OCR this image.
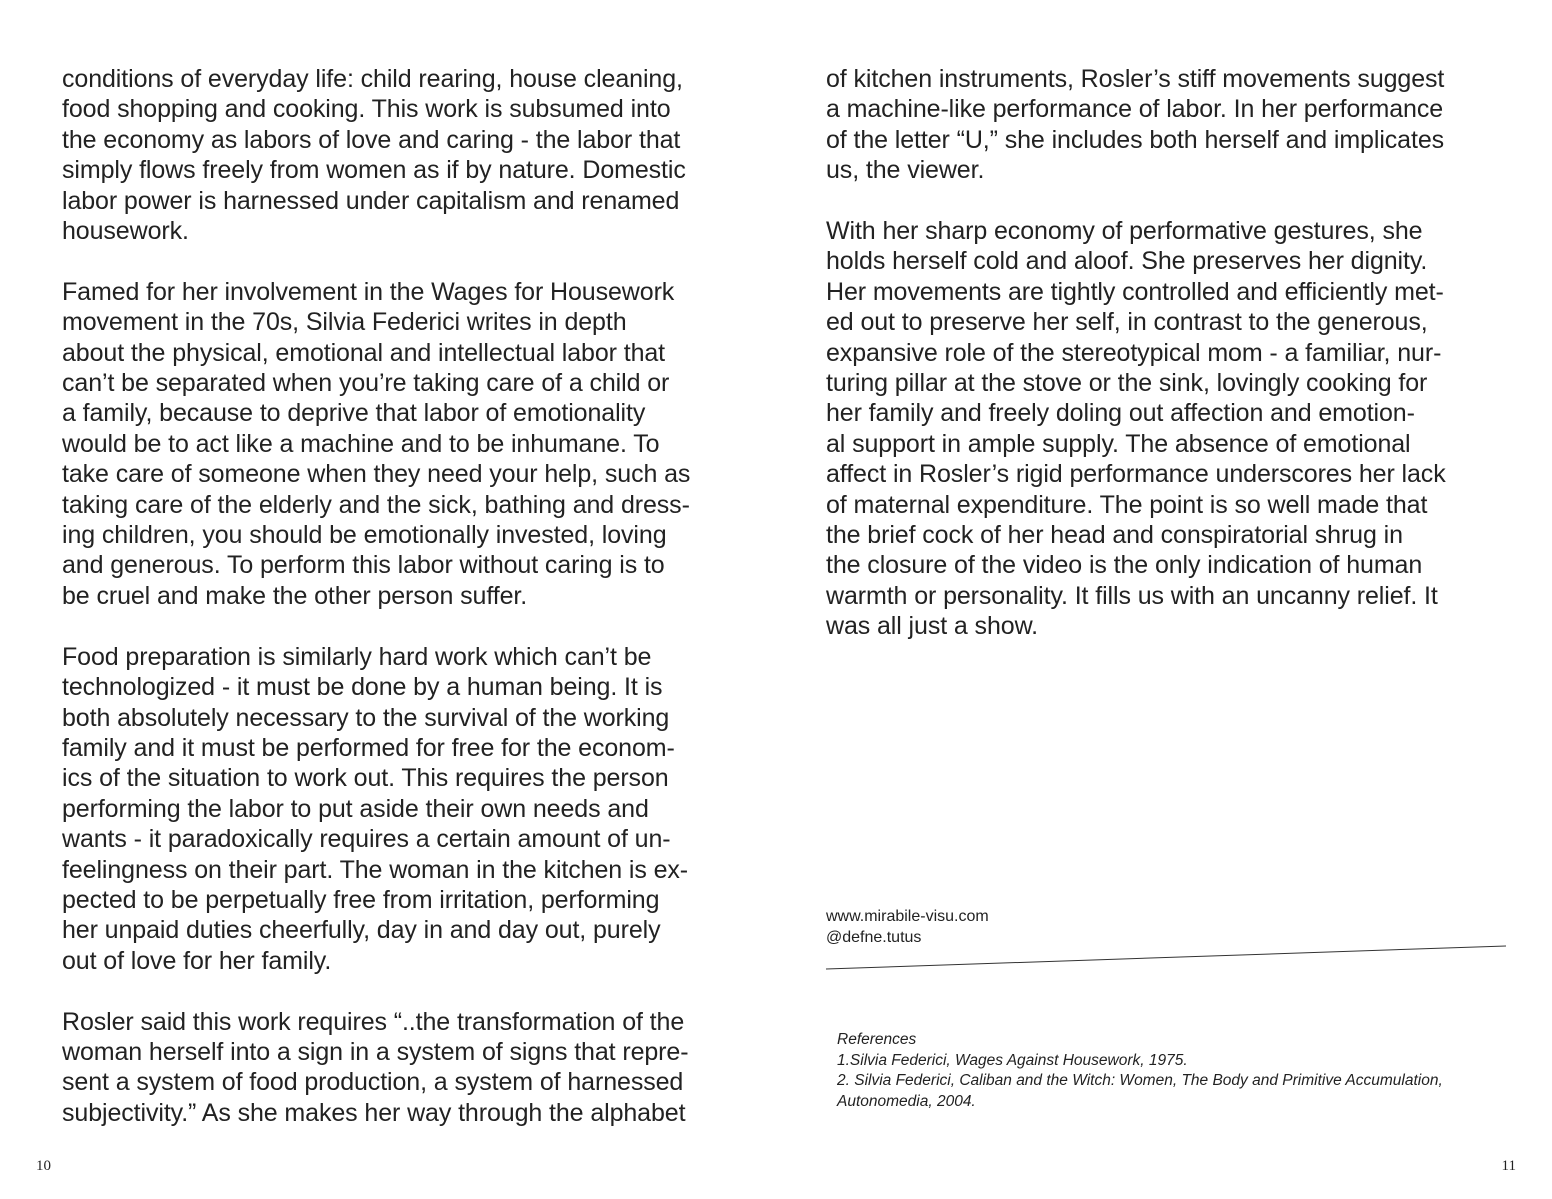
conditions of everyday life: child rearing, house cleaning,
food shopping and cooking. This work is subsumed into
the economy as labors of love and caring - the labor that
simply flows freely from women as if by nature. Domestic
labor power is harnessed under capitalism and renamed
housework.

Famed for her involvement in the Wages for Housework
movement in the 70s, Silvia Federici writes in depth
about the physical, emotional and intellectual labor that
can’t be separated when you’re taking care of a child or
a family, because to deprive that labor of emotionality
would be to act like a machine and to be inhumane. To
take care of someone when they need your help, such as
taking care of the elderly and the sick, bathing and dress-
ing children, you should be emotionally invested, loving
and generous. To perform this labor without caring is to
be cruel and make the other person suffer.

Food preparation is similarly hard work which can’t be
technologized - it must be done by a human being. It is
both absolutely necessary to the survival of the working
family and it must be performed for free for the econom-
ics of the situation to work out. This requires the person
performing the labor to put aside their own needs and
wants - it paradoxically requires a certain amount of un-
feelingness on their part. The woman in the kitchen is ex-
pected to be perpetually free from irritation, performing
her unpaid duties cheerfully, day in and day out, purely
out of love for her family.

Rosler said this work requires “..the transformation of the
woman herself into a sign in a system of signs that repre-
sent a system of food production, a system of harnessed
subjectivity.” As she makes her way through the alphabet

10

of kitchen instruments, Rosler’s stiff movements suggest
a machine-like performance of labor. In her performance
of the letter “U,” she includes both herself and implicates
us, the viewer.

With her sharp economy of performative gestures, she
holds herself cold and aloof. She preserves her dignity.
Her movements are tightly controlled and efficiently met-
ed out to preserve her self, in contrast to the generous,
expansive role of the stereotypical mom - a familiar, nur-
turing pillar at the stove or the sink, lovingly cooking for
her family and freely doling out affection and emotion-
al support in ample supply. The absence of emotional
affect in Rosler’s rigid performance underscores her lack
of maternal expenditure. The point is so well made that
the brief cock of her head and conspiratorial shrug in
the closure of the video is the only indication of human
warmth or personality. It fills us with an uncanny relief. It
was all just a show.

www.mirabile-visu.com
@defne.tutus
References
1.Silvia Federici, Wages Against Housework, 1975.
2. Silvia Federici, Caliban and the Witch: Women, The Body and Primitive Accumulation,
Autonomedia, 2004.
11
